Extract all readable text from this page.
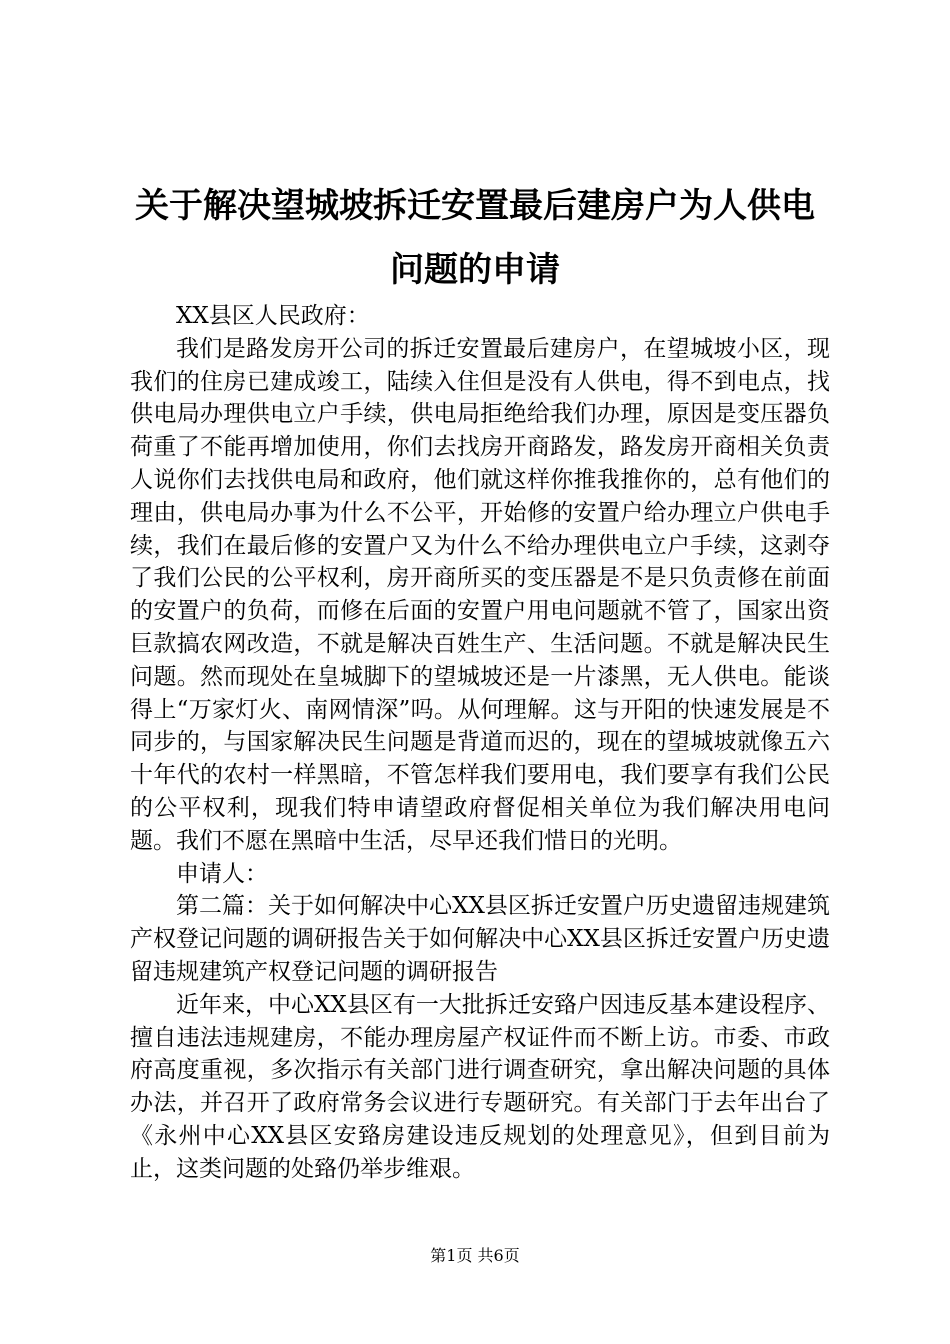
关于解决望城坡拆迁安置最后建房户为人供电
问题的申请

XX县区人民政府：

我们是路发房开公司的拆迁安置最后建房户，在望城坡小区，现我们的住房已建成竣工，陆续入住但是没有人供电，得不到电点，找供电局办理供电立户手续，供电局拒绝给我们办理，原因是变压器负荷重了不能再增加使用，你们去找房开商路发，路发房开商相关负责人说你们去找供电局和政府，他们就这样你推我推你的，总有他们的理由，供电局办事为什么不公平，开始修的安置户给办理立户供电手续，我们在最后修的安置户又为什么不给办理供电立户手续，这剥夺了我们公民的公平权利，房开商所买的变压器是不是只负责修在前面的安置户的负荷，而修在后面的安置户用电问题就不管了，国家出资巨款搞农网改造，不就是解决百姓生产、生活问题。不就是解决民生问题。然而现处在皇城脚下的望城坡还是一片漆黑，无人供电。能谈得上“万家灯火、南网情深”吗。从何理解。这与开阳的快速发展是不同步的，与国家解决民生问题是背道而迟的，现在的望城坡就像五六十年代的农村一样黑暗，不管怎样我们要用电，我们要享有我们公民的公平权利，现我们特申请望政府督促相关单位为我们解决用电问题。我们不愿在黑暗中生活，尽早还我们惜日的光明。

申请人：

第二篇：关于如何解决中心XX县区拆迁安置户历史遗留违规建筑产权登记问题的调研报告关于如何解决中心XX县区拆迁安置户历史遗留违规建筑产权登记问题的调研报告

近年来，中心XX县区有一大批拆迁安臵户因违反基本建设程序、擅自违法违规建房，不能办理房屋产权证件而不断上访。市委、市政府高度重视，多次指示有关部门进行调查研究，拿出解决问题的具体办法，并召开了政府常务会议进行专题研究。有关部门于去年出台了《永州中心XX县区安臵房建设违反规划的处理意见》，但到目前为止，这类问题的处臵仍举步维艰。

第1页 共6页
